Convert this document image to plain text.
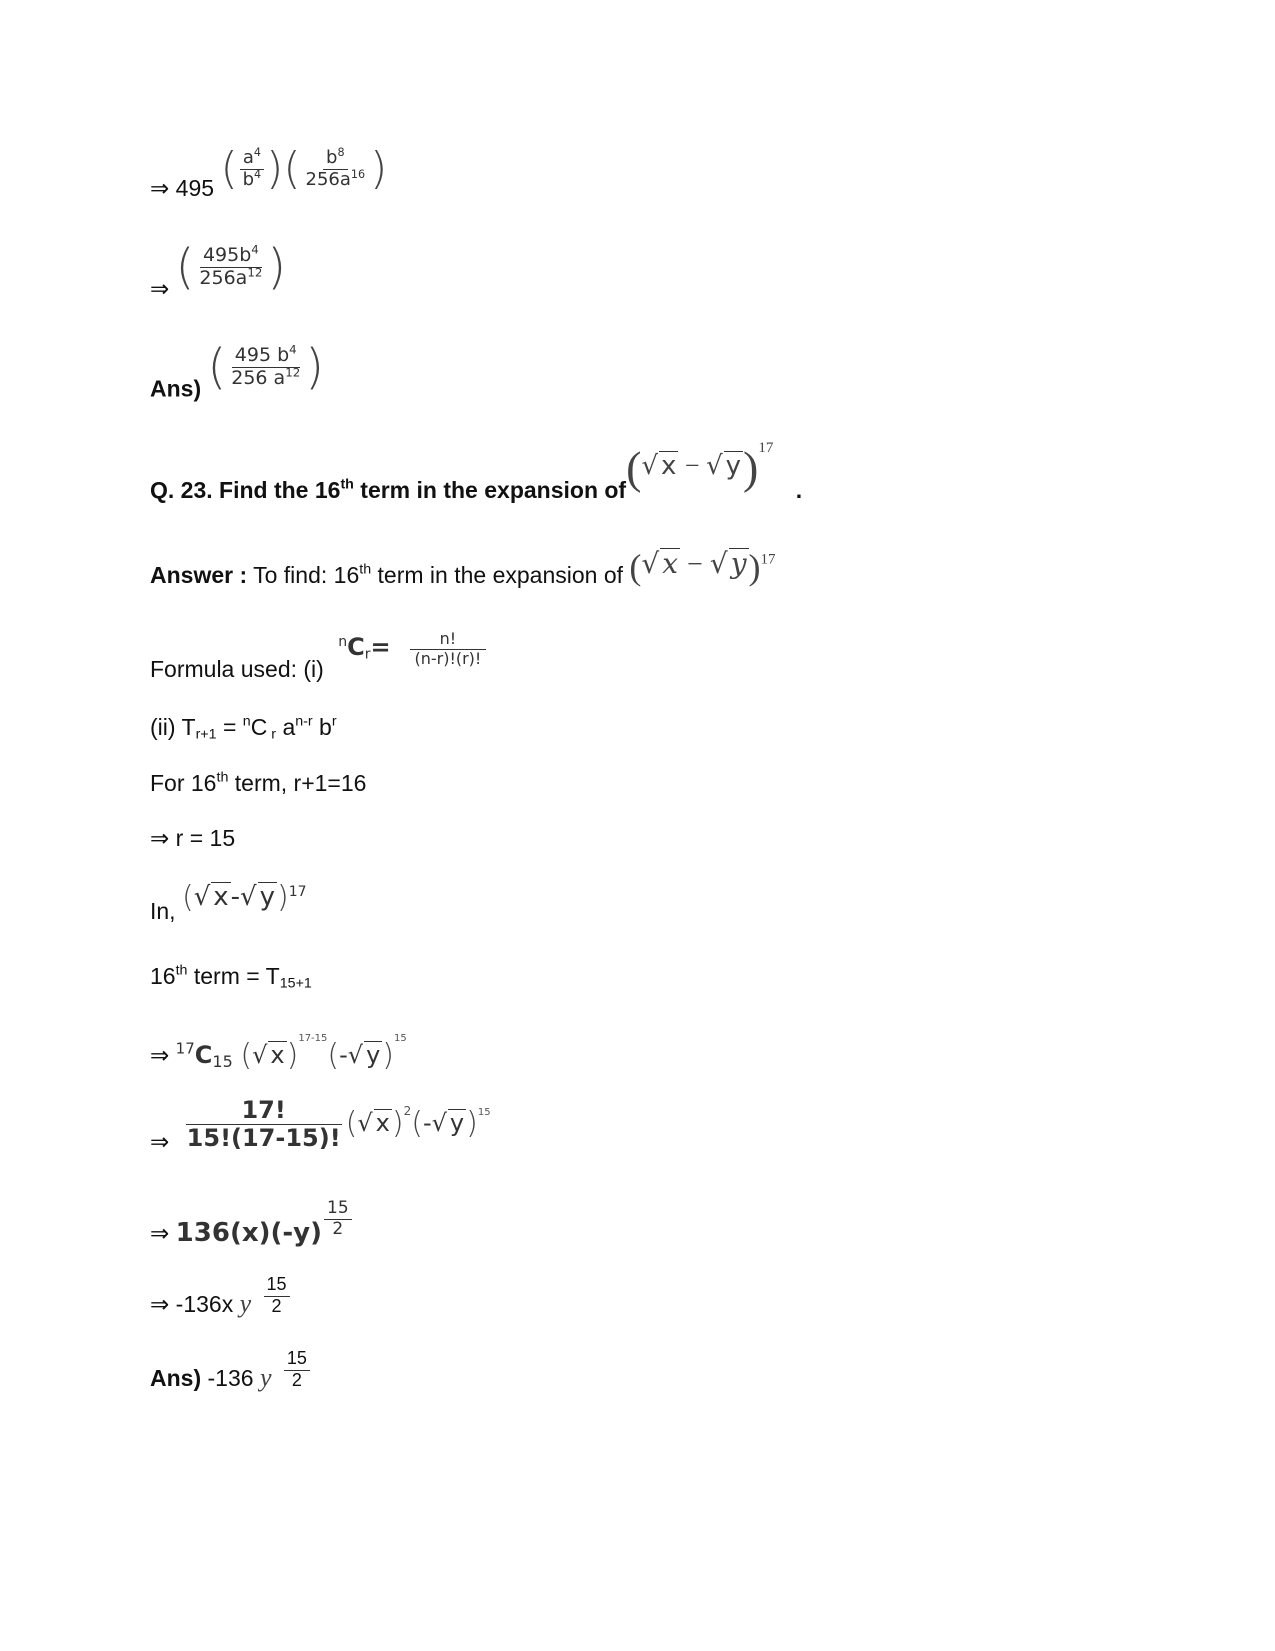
⇒ 495 ( $\frac{a^4}{b^4}$ )( $\frac{b^8}{256a^{16}}$ )
⇒ ( $\frac{495b^4}{256a^{12}}$ )
Ans) ( $\frac{495 b^4}{256 a^{12}}$ )
Q. 23. Find the 16th term in the expansion of(√ x − √ y)$^{17}$ .
Answer : To find: 16th term in the expansion of (√ x − √ y)$^{17}$
Formula used: (i) $^nC_r= \frac{n!}{(n-r)!(r)!}$
(ii) $T_{r+1} = ^nC$ $_r$ $a^{n-r}$ $b^r$
For 16th term, r+1=16
⇒ r = 15
In, (√ x-√ y)$^{17}$
16th term = $T_{15+1}$
⇒ $^{17}C_{15}$ (√ x)$^{17-15}$(-√ y)$^{15}$
⇒ $\frac{17!}{15!(17-15)!}$ (√ x)$^2$(-√ y)$^{15}$
⇒ $136(x)(-y) \frac{15}{2}$
⇒ -136x y $\frac{15}{2}$
Ans) -136 y $\frac{15}{2}$
